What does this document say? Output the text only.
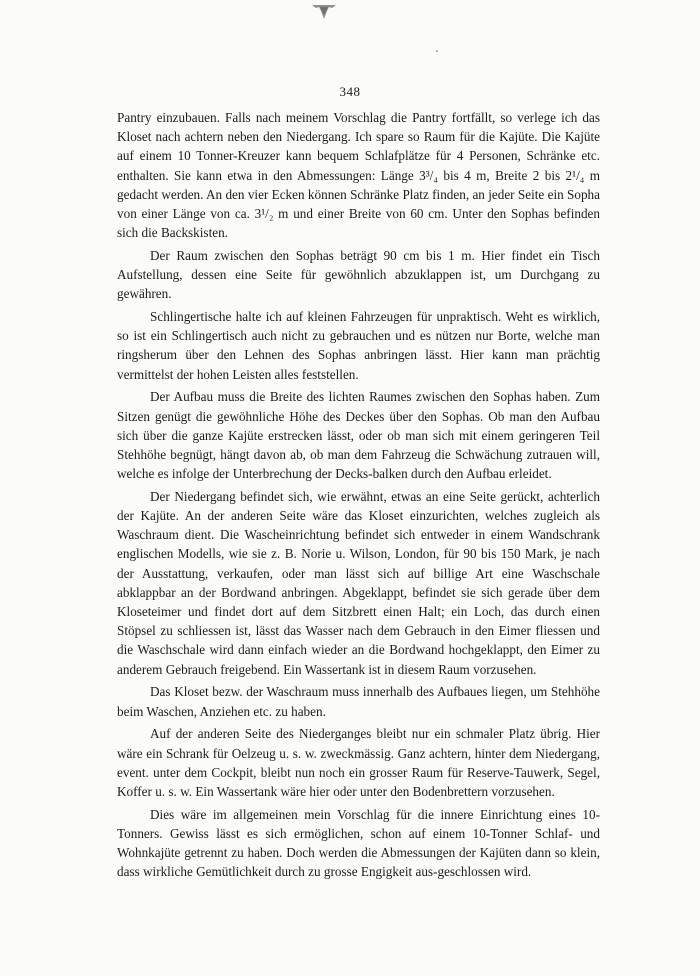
348

Pantry einzubauen. Falls nach meinem Vorschlag die Pantry fortfällt, so verlege ich das Kloset nach achtern neben den Niedergang. Ich spare so Raum für die Kajüte. Die Kajüte auf einem 10 Tonner-Kreuzer kann bequem Schlafplätze für 4 Personen, Schränke etc. enthalten. Sie kann etwa in den Abmessungen: Länge 3³/₄ bis 4 m, Breite 2 bis 2¹/₄ m gedacht werden. An den vier Ecken können Schränke Platz finden, an jeder Seite ein Sopha von einer Länge von ca. 3¹/₂ m und einer Breite von 60 cm. Unter den Sophas befinden sich die Backskisten.

Der Raum zwischen den Sophas beträgt 90 cm bis 1 m. Hier findet ein Tisch Aufstellung, dessen eine Seite für gewöhnlich abzuklappen ist, um Durchgang zu gewähren.

Schlingertische halte ich auf kleinen Fahrzeugen für unpraktisch. Weht es wirklich, so ist ein Schlingertisch auch nicht zu gebrauchen und es nützen nur Borte, welche man ringsherum über den Lehnen des Sophas anbringen lässt. Hier kann man prächtig vermittelst der hohen Leisten alles feststellen.

Der Aufbau muss die Breite des lichten Raumes zwischen den Sophas haben. Zum Sitzen genügt die gewöhnliche Höhe des Deckes über den Sophas. Ob man den Aufbau sich über die ganze Kajüte erstrecken lässt, oder ob man sich mit einem geringeren Teil Stehhöhe begnügt, hängt davon ab, ob man dem Fahrzeug die Schwächung zutrauen will, welche es infolge der Unterbrechung der Decks-balken durch den Aufbau erleidet.

Der Niedergang befindet sich, wie erwähnt, etwas an eine Seite gerückt, achterlich der Kajüte. An der anderen Seite wäre das Kloset einzurichten, welches zugleich als Waschraum dient. Die Wascheinrichtung befindet sich entweder in einem Wandschrank englischen Modells, wie sie z. B. Norie u. Wilson, London, für 90 bis 150 Mark, je nach der Ausstattung, verkaufen, oder man lässt sich auf billige Art eine Waschschale abklappbar an der Bordwand anbringen. Abgeklappt, befindet sie sich gerade über dem Kloseteimer und findet dort auf dem Sitzbrett einen Halt; ein Loch, das durch einen Stöpsel zu schliessen ist, lässt das Wasser nach dem Gebrauch in den Eimer fliessen und die Waschschale wird dann einfach wieder an die Bordwand hochgeklappt, den Eimer zu anderem Gebrauch freigebend. Ein Wassertank ist in diesem Raum vorzusehen.

Das Kloset bezw. der Waschraum muss innerhalb des Aufbaues liegen, um Stehhöhe beim Waschen, Anziehen etc. zu haben.

Auf der anderen Seite des Niederganges bleibt nur ein schmaler Platz übrig. Hier wäre ein Schrank für Oelzeug u. s. w. zweckmässig. Ganz achtern, hinter dem Niedergang, event. unter dem Cockpit, bleibt nun noch ein grosser Raum für Reserve-Tauwerk, Segel, Koffer u. s. w. Ein Wassertank wäre hier oder unter den Bodenbrettern vorzusehen.

Dies wäre im allgemeinen mein Vorschlag für die innere Einrichtung eines 10-Tonners. Gewiss lässt es sich ermöglichen, schon auf einem 10-Tonner Schlaf- und Wohnkajüte getrennt zu haben. Doch werden die Abmessungen der Kajüten dann so klein, dass wirkliche Gemütlichkeit durch zu grosse Engigkeit aus-geschlossen wird.
